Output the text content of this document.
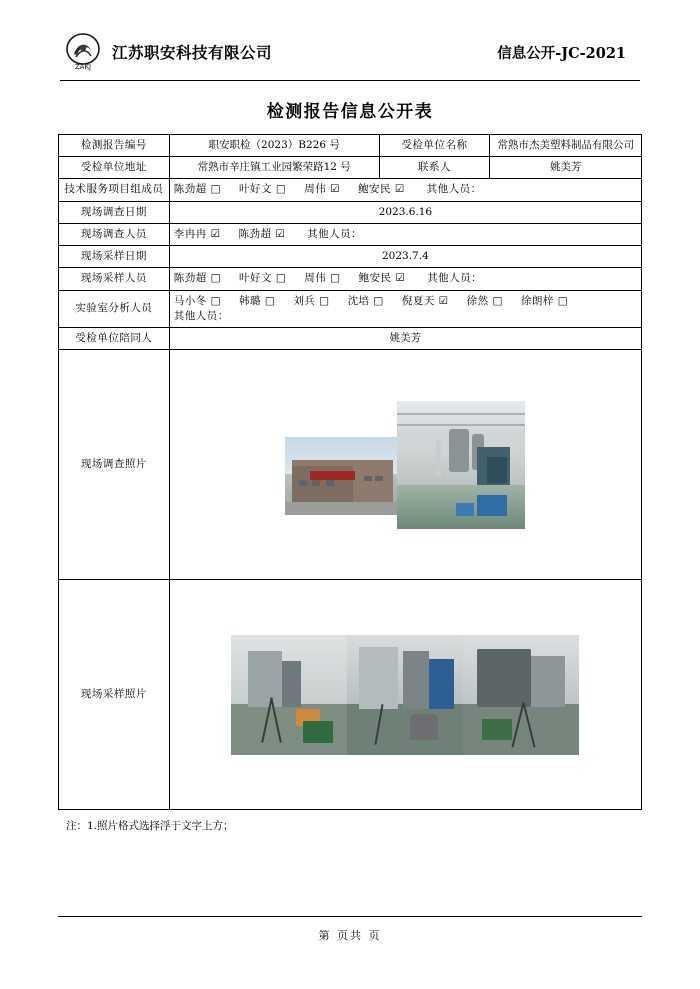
ZAKJ
江苏职安科技有限公司	信息公开-JC-2021
检测报告信息公开表
检测报告编号	职安职检（2023）B226 号	受检单位名称	常熟市杰美塑料制品有限公司
受检单位地址	常熟市辛庄镇工业园繁荣路12 号	联系人	姚美芳
技术服务项目组成员	陈劲超 □ 叶好文 □ 周伟 ☑ 鲍安民 ☑ 其他人员：
现场调查日期	2023.6.16		
现场调查人员	李冉冉 ☑ 陈劲超 ☑ 其他人员：
现场采样日期	2023.7.4		
现场采样人员	陈劲超 □ 叶好文 □ 周伟 □ 鲍安民 ☑ 其他人员：
实验室分析人员	马小冬 □ 韩璐 □ 刘兵 □ 沈培 □ 倪夏天 ☑ 徐然 □ 徐朗梓 □
其他人员：

受检单位陪同人	姚美芳		
现场调查照片			

现场采样照片			
注：1.照片格式选择浮于文字上方；
第 页共 页
